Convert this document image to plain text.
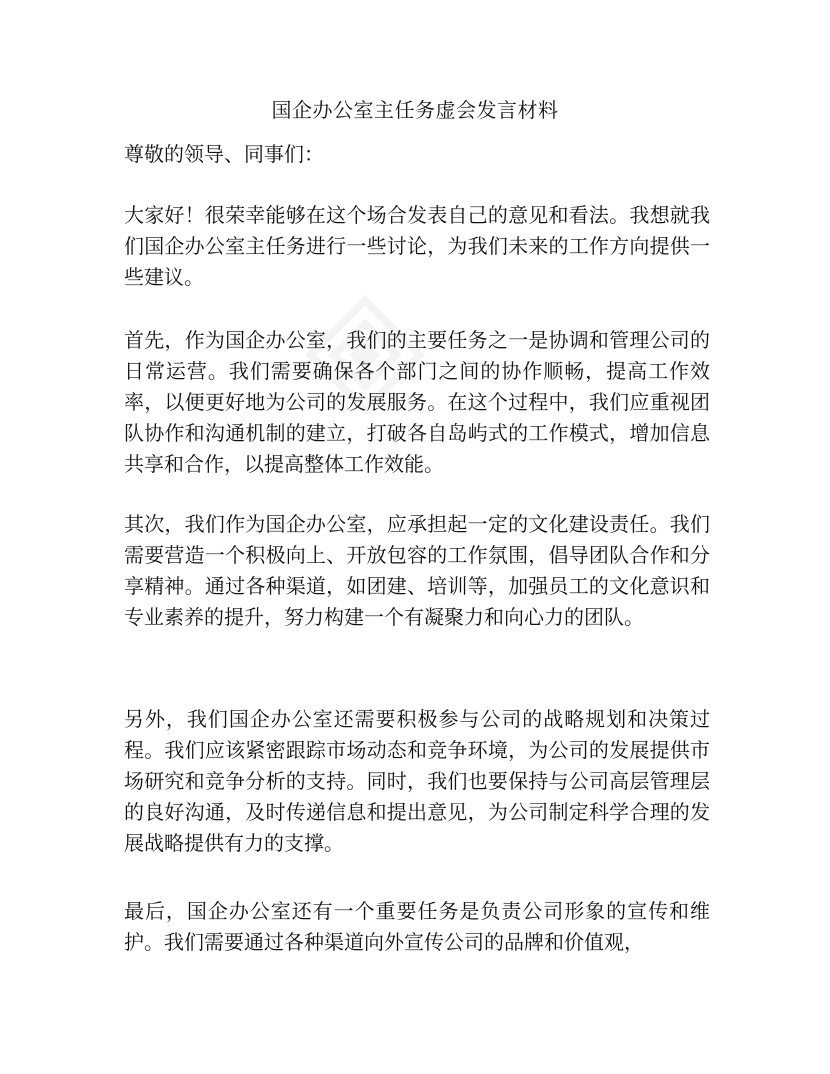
国企办公室主任务虚会发言材料
尊敬的领导、同事们：

大家好！很荣幸能够在这个场合发表自己的意见和看法。我想就我们国企办公室主任务进行一些讨论，为我们未来的工作方向提供一些建议。

首先，作为国企办公室，我们的主要任务之一是协调和管理公司的日常运营。我们需要确保各个部门之间的协作顺畅，提高工作效率，以便更好地为公司的发展服务。在这个过程中，我们应重视团队协作和沟通机制的建立，打破各自岛屿式的工作模式，增加信息共享和合作，以提高整体工作效能。

其次，我们作为国企办公室，应承担起一定的文化建设责任。我们需要营造一个积极向上、开放包容的工作氛围，倡导团队合作和分享精神。通过各种渠道，如团建、培训等，加强员工的文化意识和专业素养的提升，努力构建一个有凝聚力和向心力的团队。

另外，我们国企办公室还需要积极参与公司的战略规划和决策过程。我们应该紧密跟踪市场动态和竞争环境，为公司的发展提供市场研究和竞争分析的支持。同时，我们也要保持与公司高层管理层的良好沟通，及时传递信息和提出意见，为公司制定科学合理的发展战略提供有力的支撑。

最后，国企办公室还有一个重要任务是负责公司形象的宣传和维护。我们需要通过各种渠道向外宣传公司的品牌和价值观，
